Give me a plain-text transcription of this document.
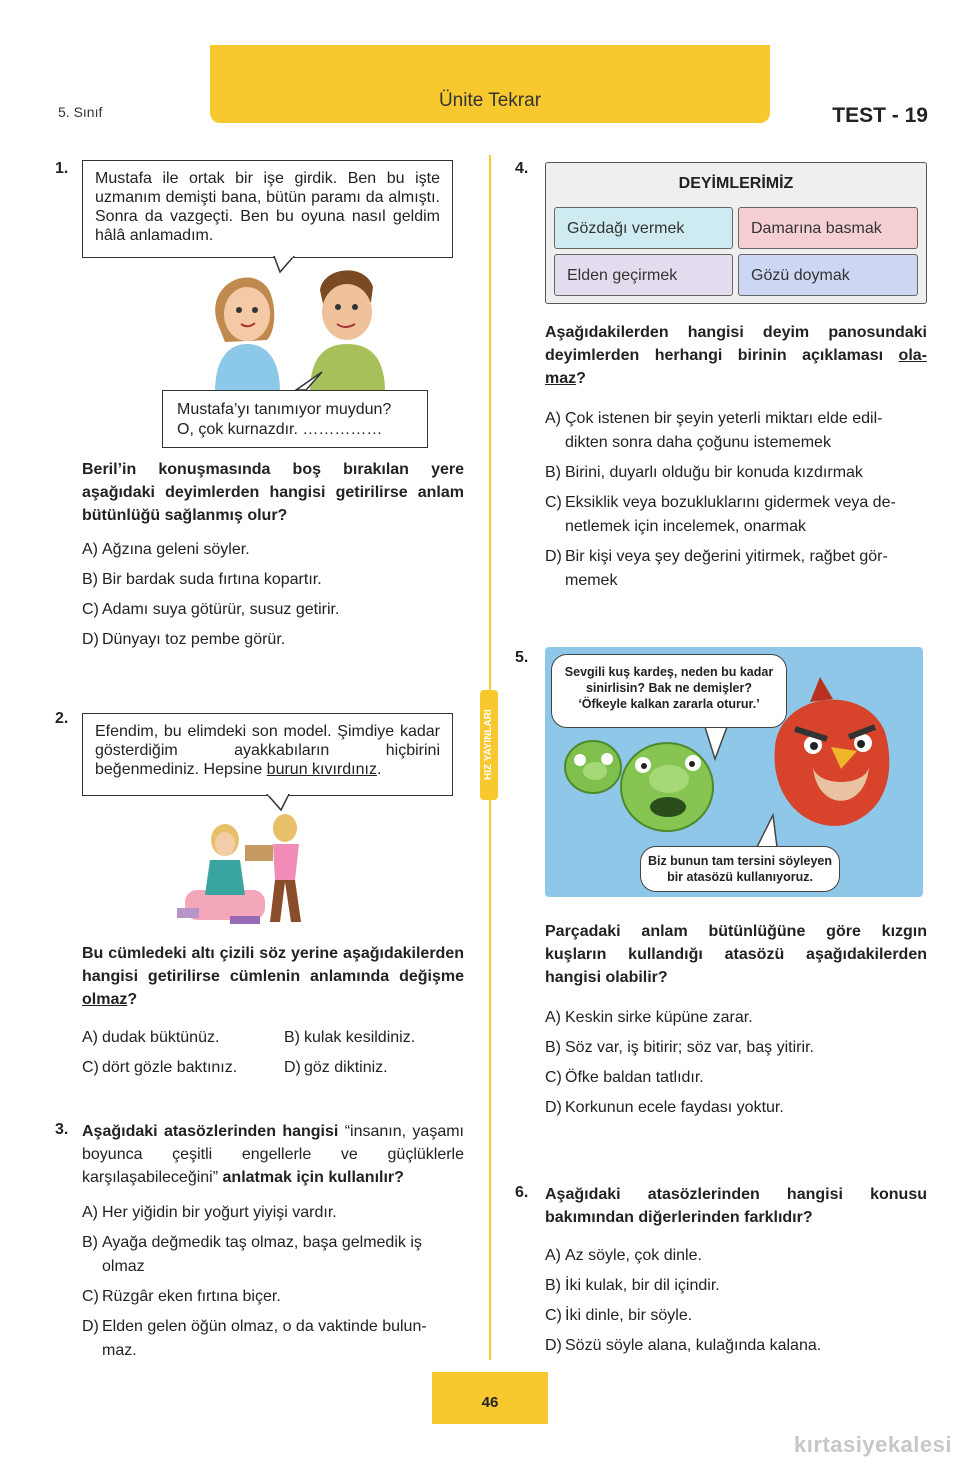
Ünite Tekrar
5. Sınıf	TEST - 19
HIZ YAYINLARI
1.
Mustafa ile ortak bir işe girdik. Ben bu işte uzmanım demişti bana, bütün paramı da almıştı. Sonra da vazgeçti. Ben bu oyuna nasıl geldim hâlâ anlamadım.
Mustafa’yı tanımıyor muydun?
O, çok kurnazdır. ……………
Beril’in konuşmasında boş bırakılan yere aşağıdaki deyimlerden hangisi getirilirse anlam bütünlüğü sağlanmış olur?
A) Ağzına geleni söyler.
B) Bir bardak suda fırtına kopartır.
C) Adamı suya götürür, susuz getirir.
D) Dünyayı toz pembe görür.
2.
Efendim, bu elimdeki son model. Şimdiye kadar gösterdiğim ayakkabıların hiçbirini beğenmediniz. Hepsine burun kıvırdınız.
Bu cümledeki altı çizili söz yerine aşağıdakilerden hangisi getirilirse cümlenin anlamında değişme olmaz?
A) dudak büktünüz.	B) kulak kesildiniz.
C) dört gözle baktınız.	D) göz diktiniz.
3. Aşağıdaki atasözlerinden hangisi “insanın, yaşamı boyunca çeşitli engellerle ve güçlüklerle karşılaşabileceğini” anlatmak için kullanılır?
A) Her yiğidin bir yoğurt yiyişi vardır.
B) Ayağa değmedik taş olmaz, başa gelmedik iş
olmaz
C) Rüzgâr eken fırtına biçer.
D) Elden gelen öğün olmaz, o da vaktinde bulun-
maz.
4.
DEYİMLERİMİZ
Gözdağı vermek	Damarına basmak
Elden geçirmek	Gözü doymak
Aşağıdakilerden hangisi deyim panosundaki deyimlerden herhangi birinin açıklaması ola- maz?
A) Çok istenen bir şeyin yeterli miktarı elde edil-
dikten sonra daha çoğunu istememek
B) Birini, duyarlı olduğu bir konuda kızdırmak
C) Eksiklik veya bozukluklarını gidermek veya de-
netlemek için incelemek, onarmak
D) Bir kişi veya şey değerini yitirmek, rağbet gör-
memek
5.
Sevgili kuş kardeş, neden bu kadar
sinirlisin? Bak ne demişler?
‘Öfkeyle kalkan zararla oturur.’
Biz bunun tam tersini söyleyen
bir atasözü kullanıyoruz.
Parçadaki anlam bütünlüğüne göre kızgın kuşların kullandığı atasözü aşağıdakilerden hangisi olabilir?
A) Keskin sirke küpüne zarar.
B) Söz var, iş bitirir; söz var, baş yitirir.
C) Öfke baldan tatlıdır.
D) Korkunun ecele faydası yoktur.
6. Aşağıdaki atasözlerinden hangisi konusu bakımından diğerlerinden farklıdır?
A) Az söyle, çok dinle.
B) İki kulak, bir dil içindir.
C) İki dinle, bir söyle.
D) Sözü söyle alana, kulağında kalana.
46
kırtasiyekalesi
